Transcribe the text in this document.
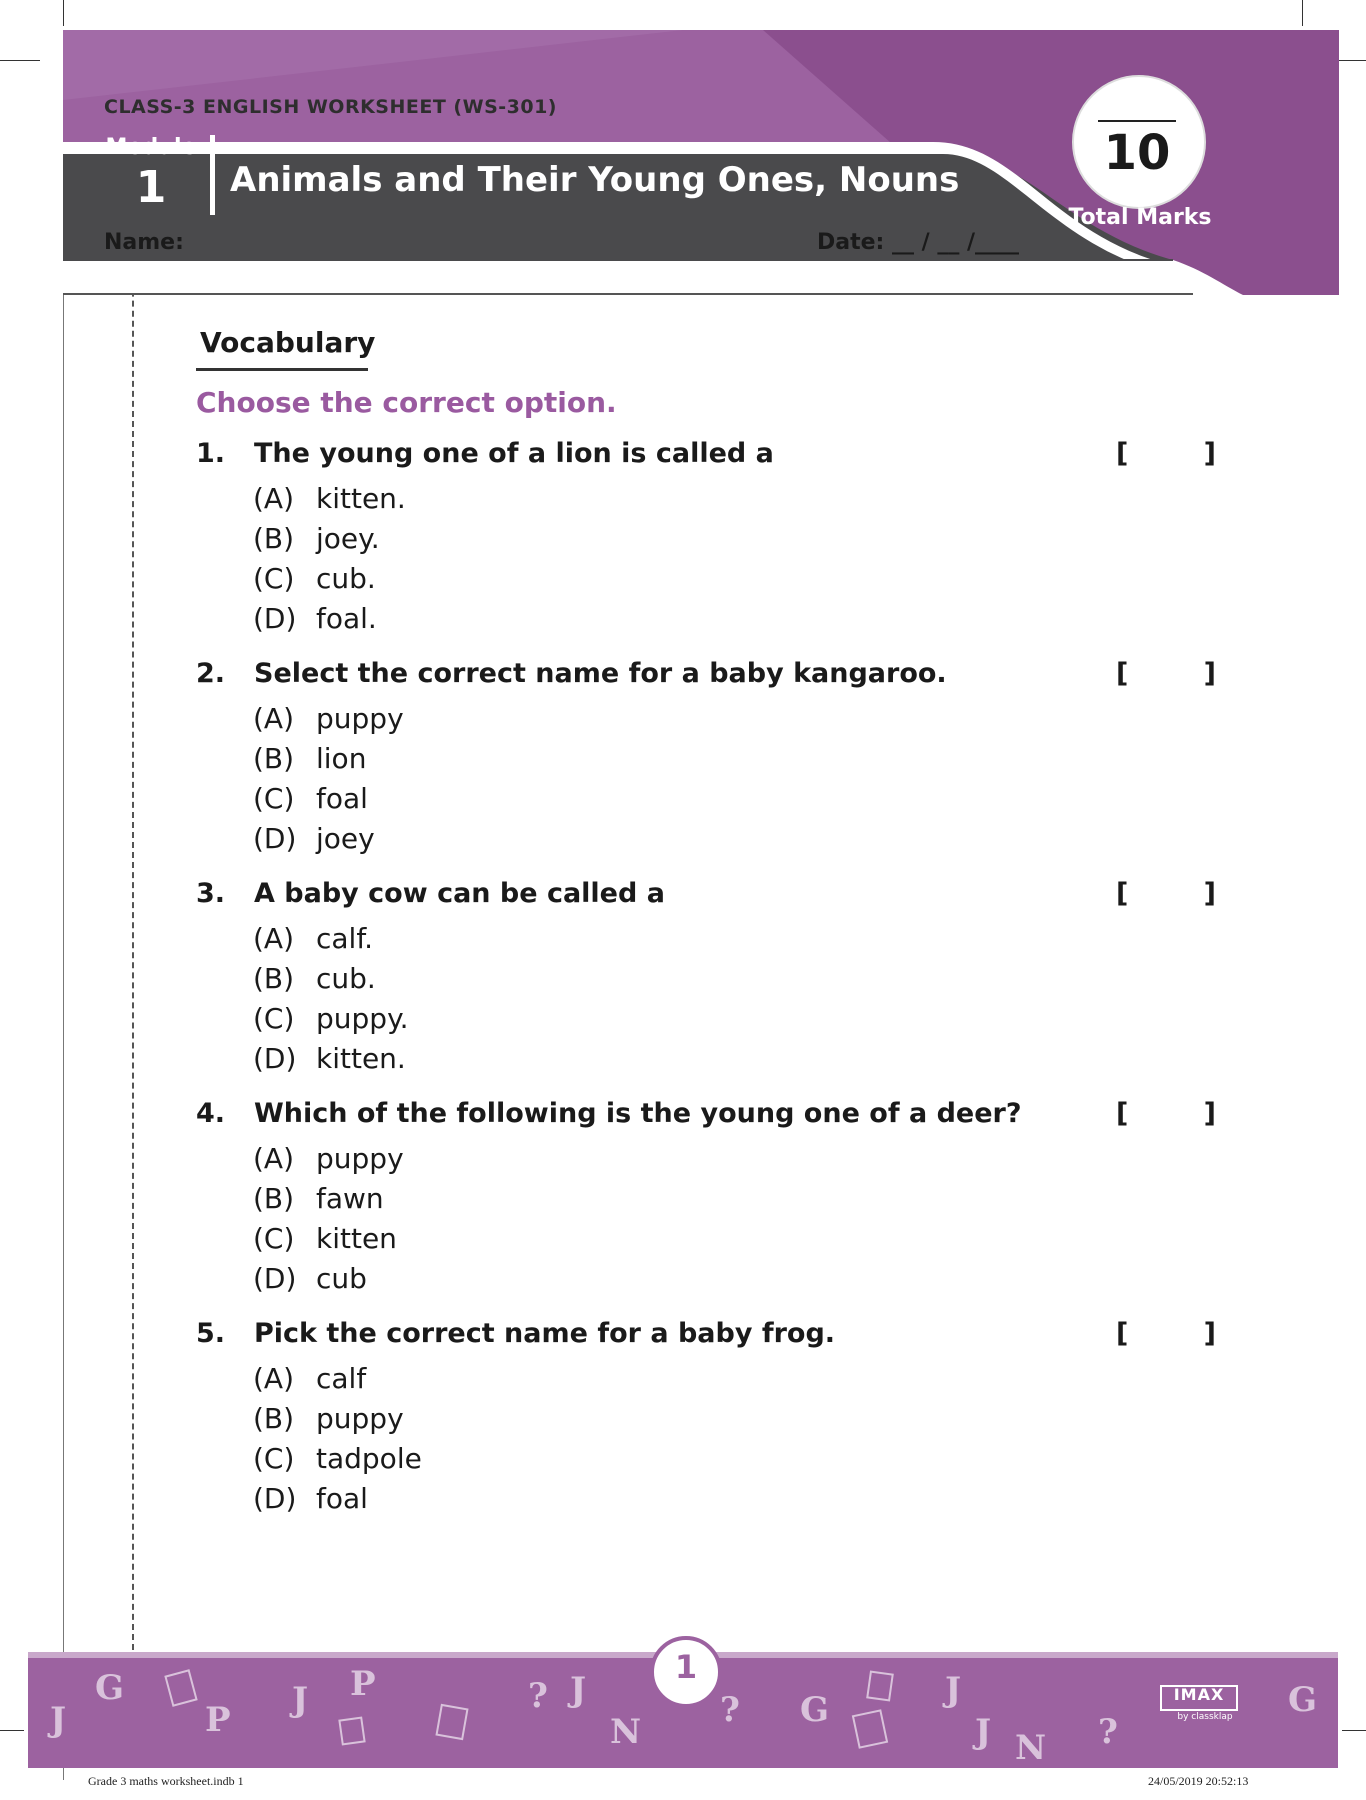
CLASS-3 ENGLISH WORKSHEET (WS-301)
Module
1	Animals and Their Young Ones, Nouns
Name:	Date: __ / __ /____
10
Total Marks
Vocabulary
Choose the correct option.
1. The young one of a lion is called a	[	]
(A) kitten.
(B) joey.
(C) cub.
(D) foal.
2. Select the correct name for a baby kangaroo.	[	]
(A) puppy
(B) lion
(C) foal
(D) joey
3. A baby cow can be called a	[	]
(A) calf.
(B) cub.
(C) puppy.
(D) kitten.
4. Which of the following is the young one of a deer?	[	]
(A) puppy
(B) fawn
(C) kitten
(D) cub
5. Pick the correct name for a baby frog.	[	]
(A) calf
(B) puppy
(C) tadpole
(D) foal
J
G
P J P	? J
N
? G	J
J N ?
G
1
IMAX
by classklap
Grade 3 maths worksheet.indb 1	24/05/2019 20:52:13
